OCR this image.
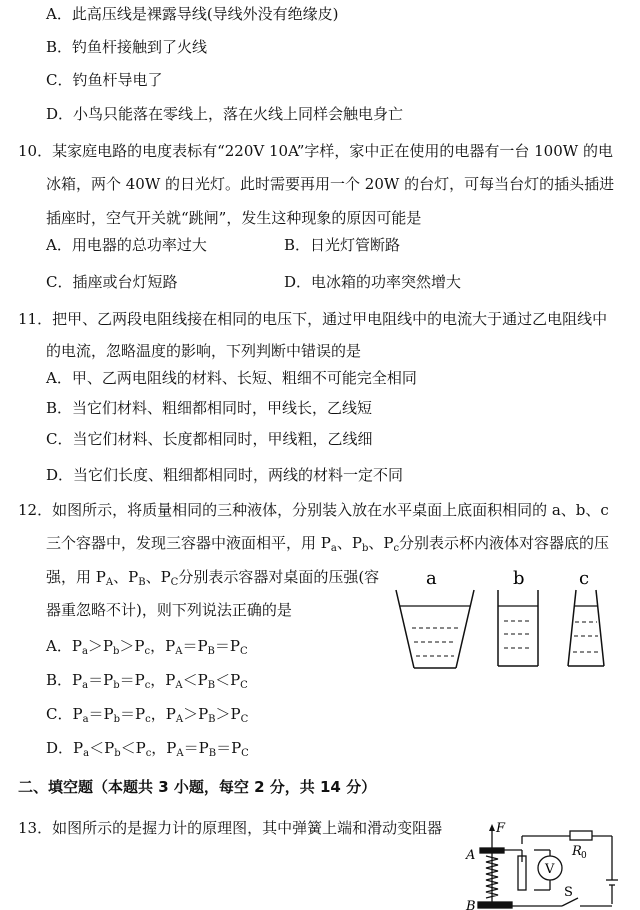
A．此高压线是裸露导线(导线外没有绝缘皮)
B．钓鱼杆接触到了火线
C．钓鱼杆导电了
D．小鸟只能落在零线上，落在火线上同样会触电身亡
10．某家庭电路的电度表标有“220V 10A”字样，家中正在使用的电器有一台 100W 的电
冰箱，两个 40W 的日光灯。此时需要再用一个 20W 的台灯，可每当台灯的插头插进
插座时，空气开关就“跳闸”，发生这种现象的原因可能是
A．用电器的总功率过大	B．日光灯管断路
C．插座或台灯短路	D．电冰箱的功率突然增大
11．把甲、乙两段电阻线接在相同的电压下，通过甲电阻线中的电流大于通过乙电阻线中
的电流，忽略温度的影响，下列判断中错误的是
A．甲、乙两电阻线的材料、长短、粗细不可能完全相同
B．当它们材料、粗细都相同时，甲线长，乙线短
C．当它们材料、长度都相同时，甲线粗，乙线细
D．当它们长度、粗细都相同时，两线的材料一定不同
12．如图所示，将质量相同的三种液体，分别装入放在水平桌面上底面积相同的 a、b、c
三个容器中，发现三容器中液面相平，用 $P_a$、$P_b$、$P_c$分别表示杯内液体对容器底的压
强，用 $P_A$、$P_B$、$P_C$分别表示容器对桌面的压强(容
器重忽略不计)，则下列说法正确的是
A．$P_a>P_b>P_c$，$P_A=P_B=P_C$
B．$P_a=P_b=P_c$，$P_A<P_B<P_C$
C．$P_a=P_b=P_c$，$P_A>P_B>P_C$
D．$P_a<P_b<P_c$，$P_A=P_B=P_C$
a	b	c
二、填空题（本题共 3 小题，每空 2 分，共 14 分）
13．如图所示的是握力计的原理图，其中弹簧上端和滑动变阻器	F
A
B
V
R 0
S
